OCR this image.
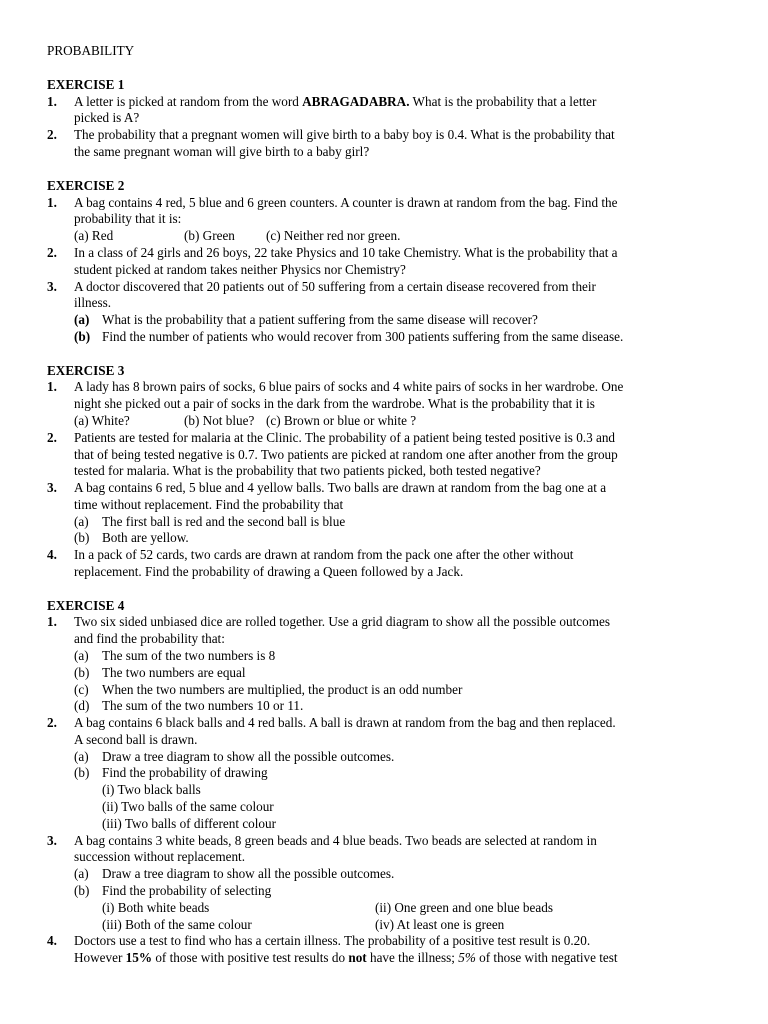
PROBABILITY
EXERCISE 1
1. A letter is picked at random from the word ABRAGADABRA. What is the probability that a letter
picked is A?
2. The probability that a pregnant women will give birth to a baby boy is 0.4. What is the probability that
the same pregnant woman will give birth to a baby girl?
EXERCISE 2
1. A bag contains 4 red, 5 blue and 6 green counters. A counter is drawn at random from the bag. Find the
probability that it is:
(a) Red	(b) Green (c) Neither red nor green.
2. In a class of 24 girls and 26 boys, 22 take Physics and 10 take Chemistry. What is the probability that a
student picked at random takes neither Physics nor Chemistry?
3. A doctor discovered that 20 patients out of 50 suffering from a certain disease recovered from their
illness.
(a) What is the probability that a patient suffering from the same disease will recover?
(b) Find the number of patients who would recover from 300 patients suffering from the same disease.
EXERCISE 3
1. A lady has 8 brown pairs of socks, 6 blue pairs of socks and 4 white pairs of socks in her wardrobe. One
night she picked out a pair of socks in the dark from the wardrobe. What is the probability that it is
(a) White?	(b) Not blue? (c) Brown or blue or white ?
2. Patients are tested for malaria at the Clinic. The probability of a patient being tested positive is 0.3 and
that of being tested negative is 0.7. Two patients are picked at random one after another from the group
tested for malaria. What is the probability that two patients picked, both tested negative?
3. A bag contains 6 red, 5 blue and 4 yellow balls. Two balls are drawn at random from the bag one at a
time without replacement. Find the probability that
(a) The first ball is red and the second ball is blue
(b) Both are yellow.
4. In a pack of 52 cards, two cards are drawn at random from the pack one after the other without
replacement. Find the probability of drawing a Queen followed by a Jack.
EXERCISE 4
1. Two six sided unbiased dice are rolled together. Use a grid diagram to show all the possible outcomes
and find the probability that:
(a) The sum of the two numbers is 8
(b) The two numbers are equal
(c) When the two numbers are multiplied, the product is an odd number
(d) The sum of the two numbers 10 or 11.
2. A bag contains 6 black balls and 4 red balls. A ball is drawn at random from the bag and then replaced.
A second ball is drawn.
(a) Draw a tree diagram to show all the possible outcomes.
(b) Find the probability of drawing
(i) Two black balls
(ii) Two balls of the same colour
(iii) Two balls of different colour
3. A bag contains 3 white beads, 8 green beads and 4 blue beads. Two beads are selected at random in
succession without replacement.
(a) Draw a tree diagram to show all the possible outcomes.
(b) Find the probability of selecting
(i) Both white beads	(ii) One green and one blue beads
(iii) Both of the same colour	(iv) At least one is green
4. Doctors use a test to find who has a certain illness. The probability of a positive test result is 0.20.
However 15% of those with positive test results do not have the illness; 5% of those with negative test
